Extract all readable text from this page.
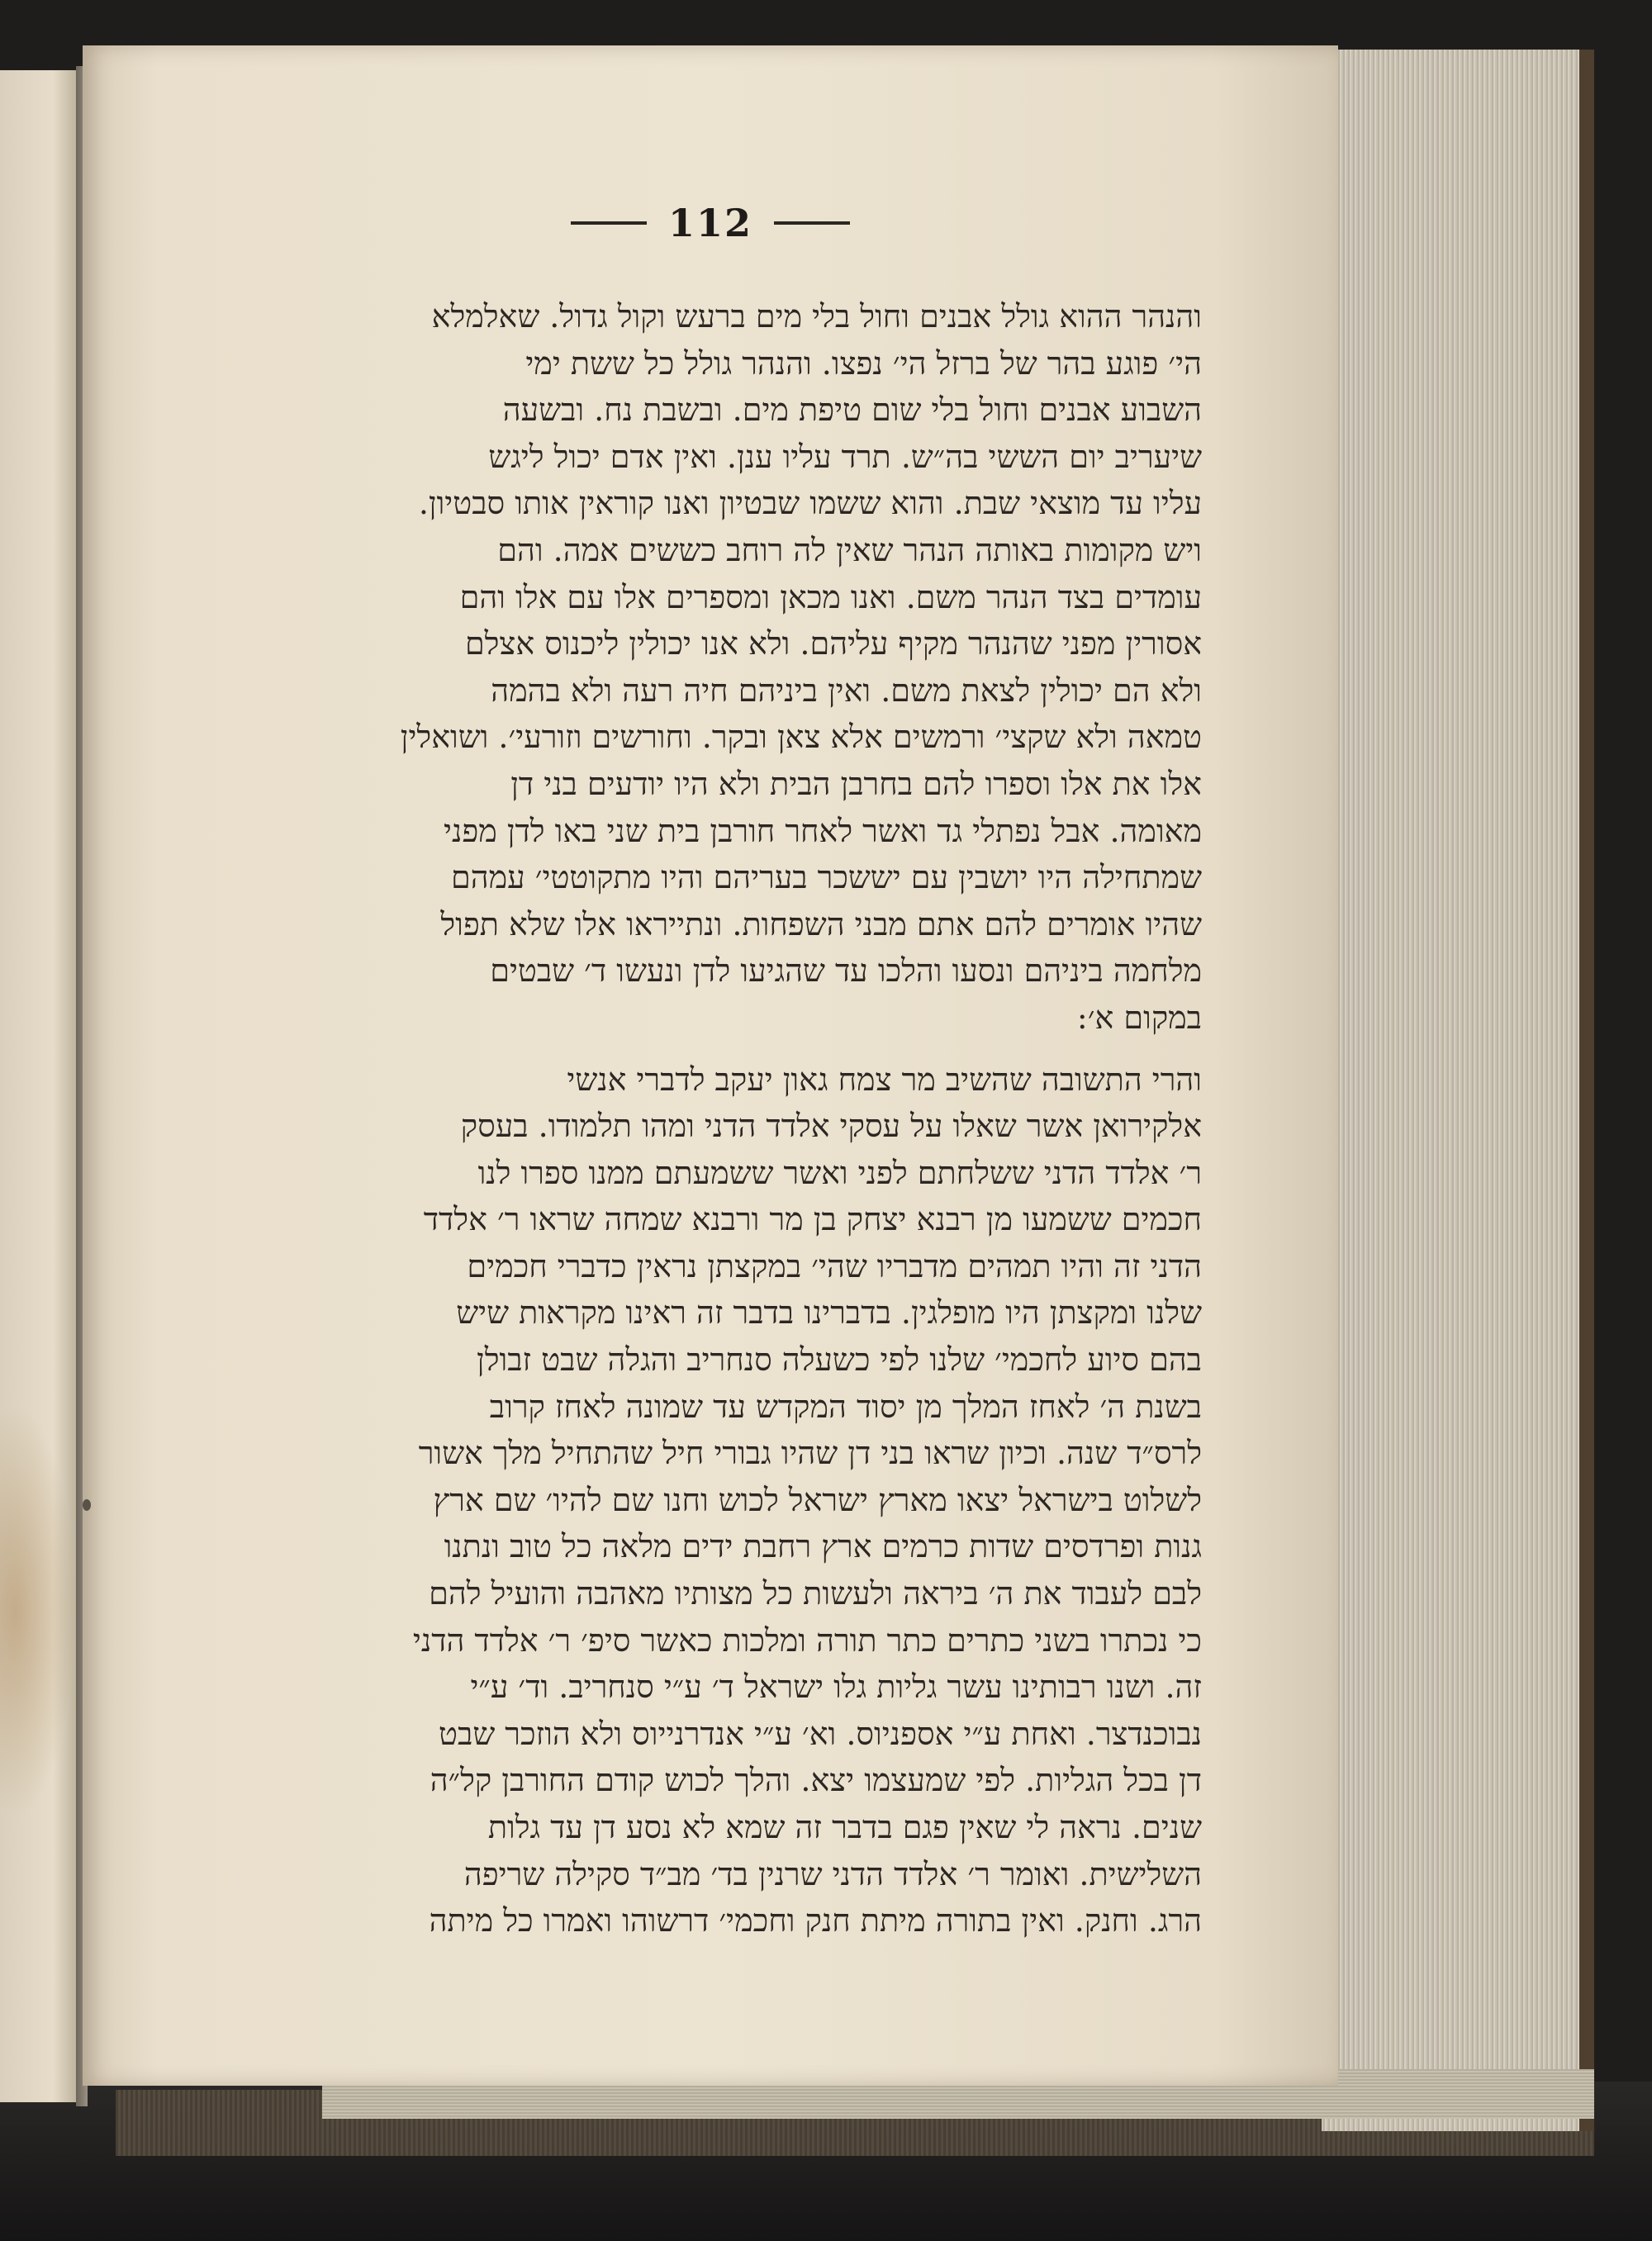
112
והנהר ההוא גולל אבנים וחול בלי מים ברעש וקול גדול. שאלמלא
הי׳ פוגע בהר של ברזל הי׳ נפצו. והנהר גולל כל ששת ימי
השבוע אבנים וחול בלי שום טיפת מים. ובשבת נח. ובשעה
שיעריב יום הששי בה״ש. תרד עליו ענן. ואין אדם יכול ליגש
עליו עד מוצאי שבת. והוא ששמו שבטיון ואנו קוראין אותו סבטיון.
ויש מקומות באותה הנהר שאין לה רוחב כששים אמה. והם
עומדים בצד הנהר משם. ואנו מכאן ומספרים אלו עם אלו והם
אסורין מפני שהנהר מקיף עליהם. ולא אנו יכולין ליכנוס אצלם
ולא הם יכולין לצאת משם. ואין ביניהם חיה רעה ולא בהמה
טמאה ולא שקצי׳ ורמשים אלא צאן ובקר. וחורשים וזורעי׳. ושואלין
אלו את אלו וספרו להם בחרבן הבית ולא היו יודעים בני דן
מאומה. אבל נפתלי גד ואשר לאחר חורבן בית שני באו לדן מפני
שמתחילה היו יושבין עם יששכר בעריהם והיו מתקוטטי׳ עמהם
שהיו אומרים להם אתם מבני השפחות. ונתייראו אלו שלא תפול
מלחמה ביניהם ונסעו והלכו עד שהגיעו לדן ונעשו ד׳ שבטים
במקום א׳:
והרי התשובה שהשיב מר צמח גאון יעקב לדברי אנשי
אלקירואן אשר שאלו על עסקי אלדד הדני ומהו תלמודו. בעסק
ר׳ אלדד הדני ששלחתם לפני ואשר ששמעתם ממנו ספרו לנו
חכמים ששמעו מן רבנא יצחק בן מר ורבנא שמחה שראו ר׳ אלדד
הדני זה והיו תמהים מדבריו שהי׳ במקצתן נראין כדברי חכמים
שלנו ומקצתן היו מופלגין. בדברינו בדבר זה ראינו מקראות שיש
בהם סיוע לחכמי׳ שלנו לפי כשעלה סנחריב והגלה שבט זבולן
בשנת ה׳ לאחז המלך מן יסוד המקדש עד שמונה לאחז קרוב
לרס״ד שנה. וכיון שראו בני דן שהיו גבורי חיל שהתחיל מלך אשור
לשלוט בישראל יצאו מארץ ישראל לכוש וחנו שם להיו׳ שם ארץ
גנות ופרדסים שדות כרמים ארץ רחבת ידים מלאה כל טוב ונתנו
לבם לעבוד את ה׳ ביראה ולעשות כל מצותיו מאהבה והועיל להם
כי נכתרו בשני כתרים כתר תורה ומלכות כאשר סיפ׳ ר׳ אלדד הדני
זה. ושנו רבותינו עשר גליות גלו ישראל ד׳ ע״י סנחריב. וד׳ ע״י
נבוכנדצר. ואחת ע״י אספניוס. וא׳ ע״י אנדרנייוס ולא הוזכר שבט
דן בכל הגליות. לפי שמעצמו יצא. והלך לכוש קודם החורבן קל״ה
שנים. נראה לי שאין פגם בדבר זה שמא לא נסע דן עד גלות
השלישית. ואומר ר׳ אלדד הדני שרנין בד׳ מב״ד סקילה שריפה
הרג. וחנק. ואין בתורה מיתת חנק וחכמי׳ דרשוהו ואמרו כל מיתה
